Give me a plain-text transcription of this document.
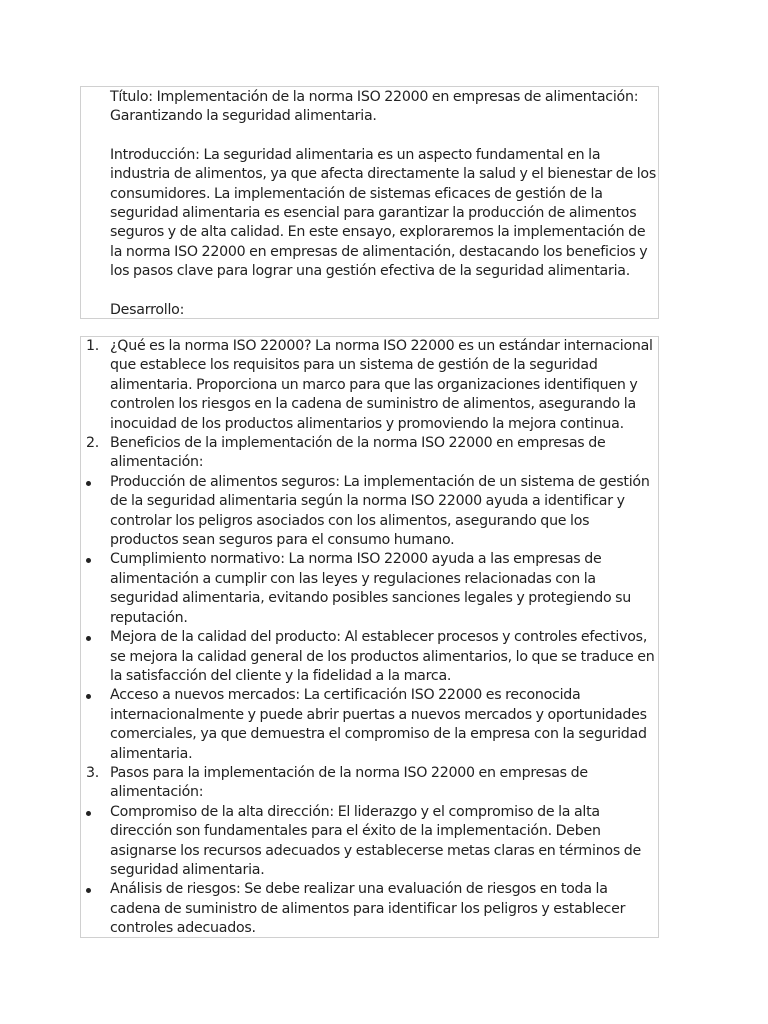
Título: Implementación de la norma ISO 22000 en empresas de alimentación: Garantizando la seguridad alimentaria.

Introducción: La seguridad alimentaria es un aspecto fundamental en la industria de alimentos, ya que afecta directamente la salud y el bienestar de los consumidores. La implementación de sistemas eficaces de gestión de la seguridad alimentaria es esencial para garantizar la producción de alimentos seguros y de alta calidad. En este ensayo, exploraremos la implementación de la norma ISO 22000 en empresas de alimentación, destacando los beneficios y los pasos clave para lograr una gestión efectiva de la seguridad alimentaria.

Desarrollo:

1. ¿Qué es la norma ISO 22000? La norma ISO 22000 es un estándar internacional que establece los requisitos para un sistema de gestión de la seguridad alimentaria. Proporciona un marco para que las organizaciones identifiquen y controlen los riesgos en la cadena de suministro de alimentos, asegurando la inocuidad de los productos alimentarios y promoviendo la mejora continua.
2. Beneficios de la implementación de la norma ISO 22000 en empresas de alimentación:
Producción de alimentos seguros: La implementación de un sistema de gestión de la seguridad alimentaria según la norma ISO 22000 ayuda a identificar y controlar los peligros asociados con los alimentos, asegurando que los productos sean seguros para el consumo humano.
Cumplimiento normativo: La norma ISO 22000 ayuda a las empresas de alimentación a cumplir con las leyes y regulaciones relacionadas con la seguridad alimentaria, evitando posibles sanciones legales y protegiendo su reputación.
Mejora de la calidad del producto: Al establecer procesos y controles efectivos, se mejora la calidad general de los productos alimentarios, lo que se traduce en la satisfacción del cliente y la fidelidad a la marca.
Acceso a nuevos mercados: La certificación ISO 22000 es reconocida internacionalmente y puede abrir puertas a nuevos mercados y oportunidades comerciales, ya que demuestra el compromiso de la empresa con la seguridad alimentaria.
3. Pasos para la implementación de la norma ISO 22000 en empresas de alimentación:
Compromiso de la alta dirección: El liderazgo y el compromiso de la alta dirección son fundamentales para el éxito de la implementación. Deben asignarse los recursos adecuados y establecerse metas claras en términos de seguridad alimentaria.
Análisis de riesgos: Se debe realizar una evaluación de riesgos en toda la cadena de suministro de alimentos para identificar los peligros y establecer controles adecuados.
